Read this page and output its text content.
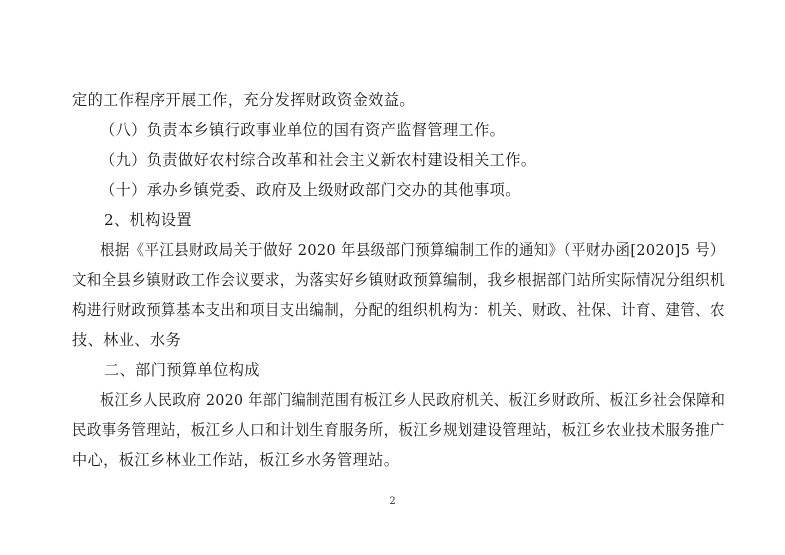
定的工作程序开展工作，充分发挥财政资金效益。
（八）负责本乡镇行政事业单位的国有资产监督管理工作。
（九）负责做好农村综合改革和社会主义新农村建设相关工作。
（十）承办乡镇党委、政府及上级财政部门交办的其他事项。
2、机构设置
根据《平江县财政局关于做好 2020 年县级部门预算编制工作的通知》（平财办函[2020]5 号）
文和全县乡镇财政工作会议要求，为落实好乡镇财政预算编制，我乡根据部门站所实际情况分组织机
构进行财政预算基本支出和项目支出编制，分配的组织机构为：机关、财政、社保、计育、建管、农
技、林业、水务
二、部门预算单位构成
板江乡人民政府 2020 年部门编制范围有板江乡人民政府机关、板江乡财政所、板江乡社会保障和
民政事务管理站，板江乡人口和计划生育服务所，板江乡规划建设管理站，板江乡农业技术服务推广
中心，板江乡林业工作站，板江乡水务管理站。
2
